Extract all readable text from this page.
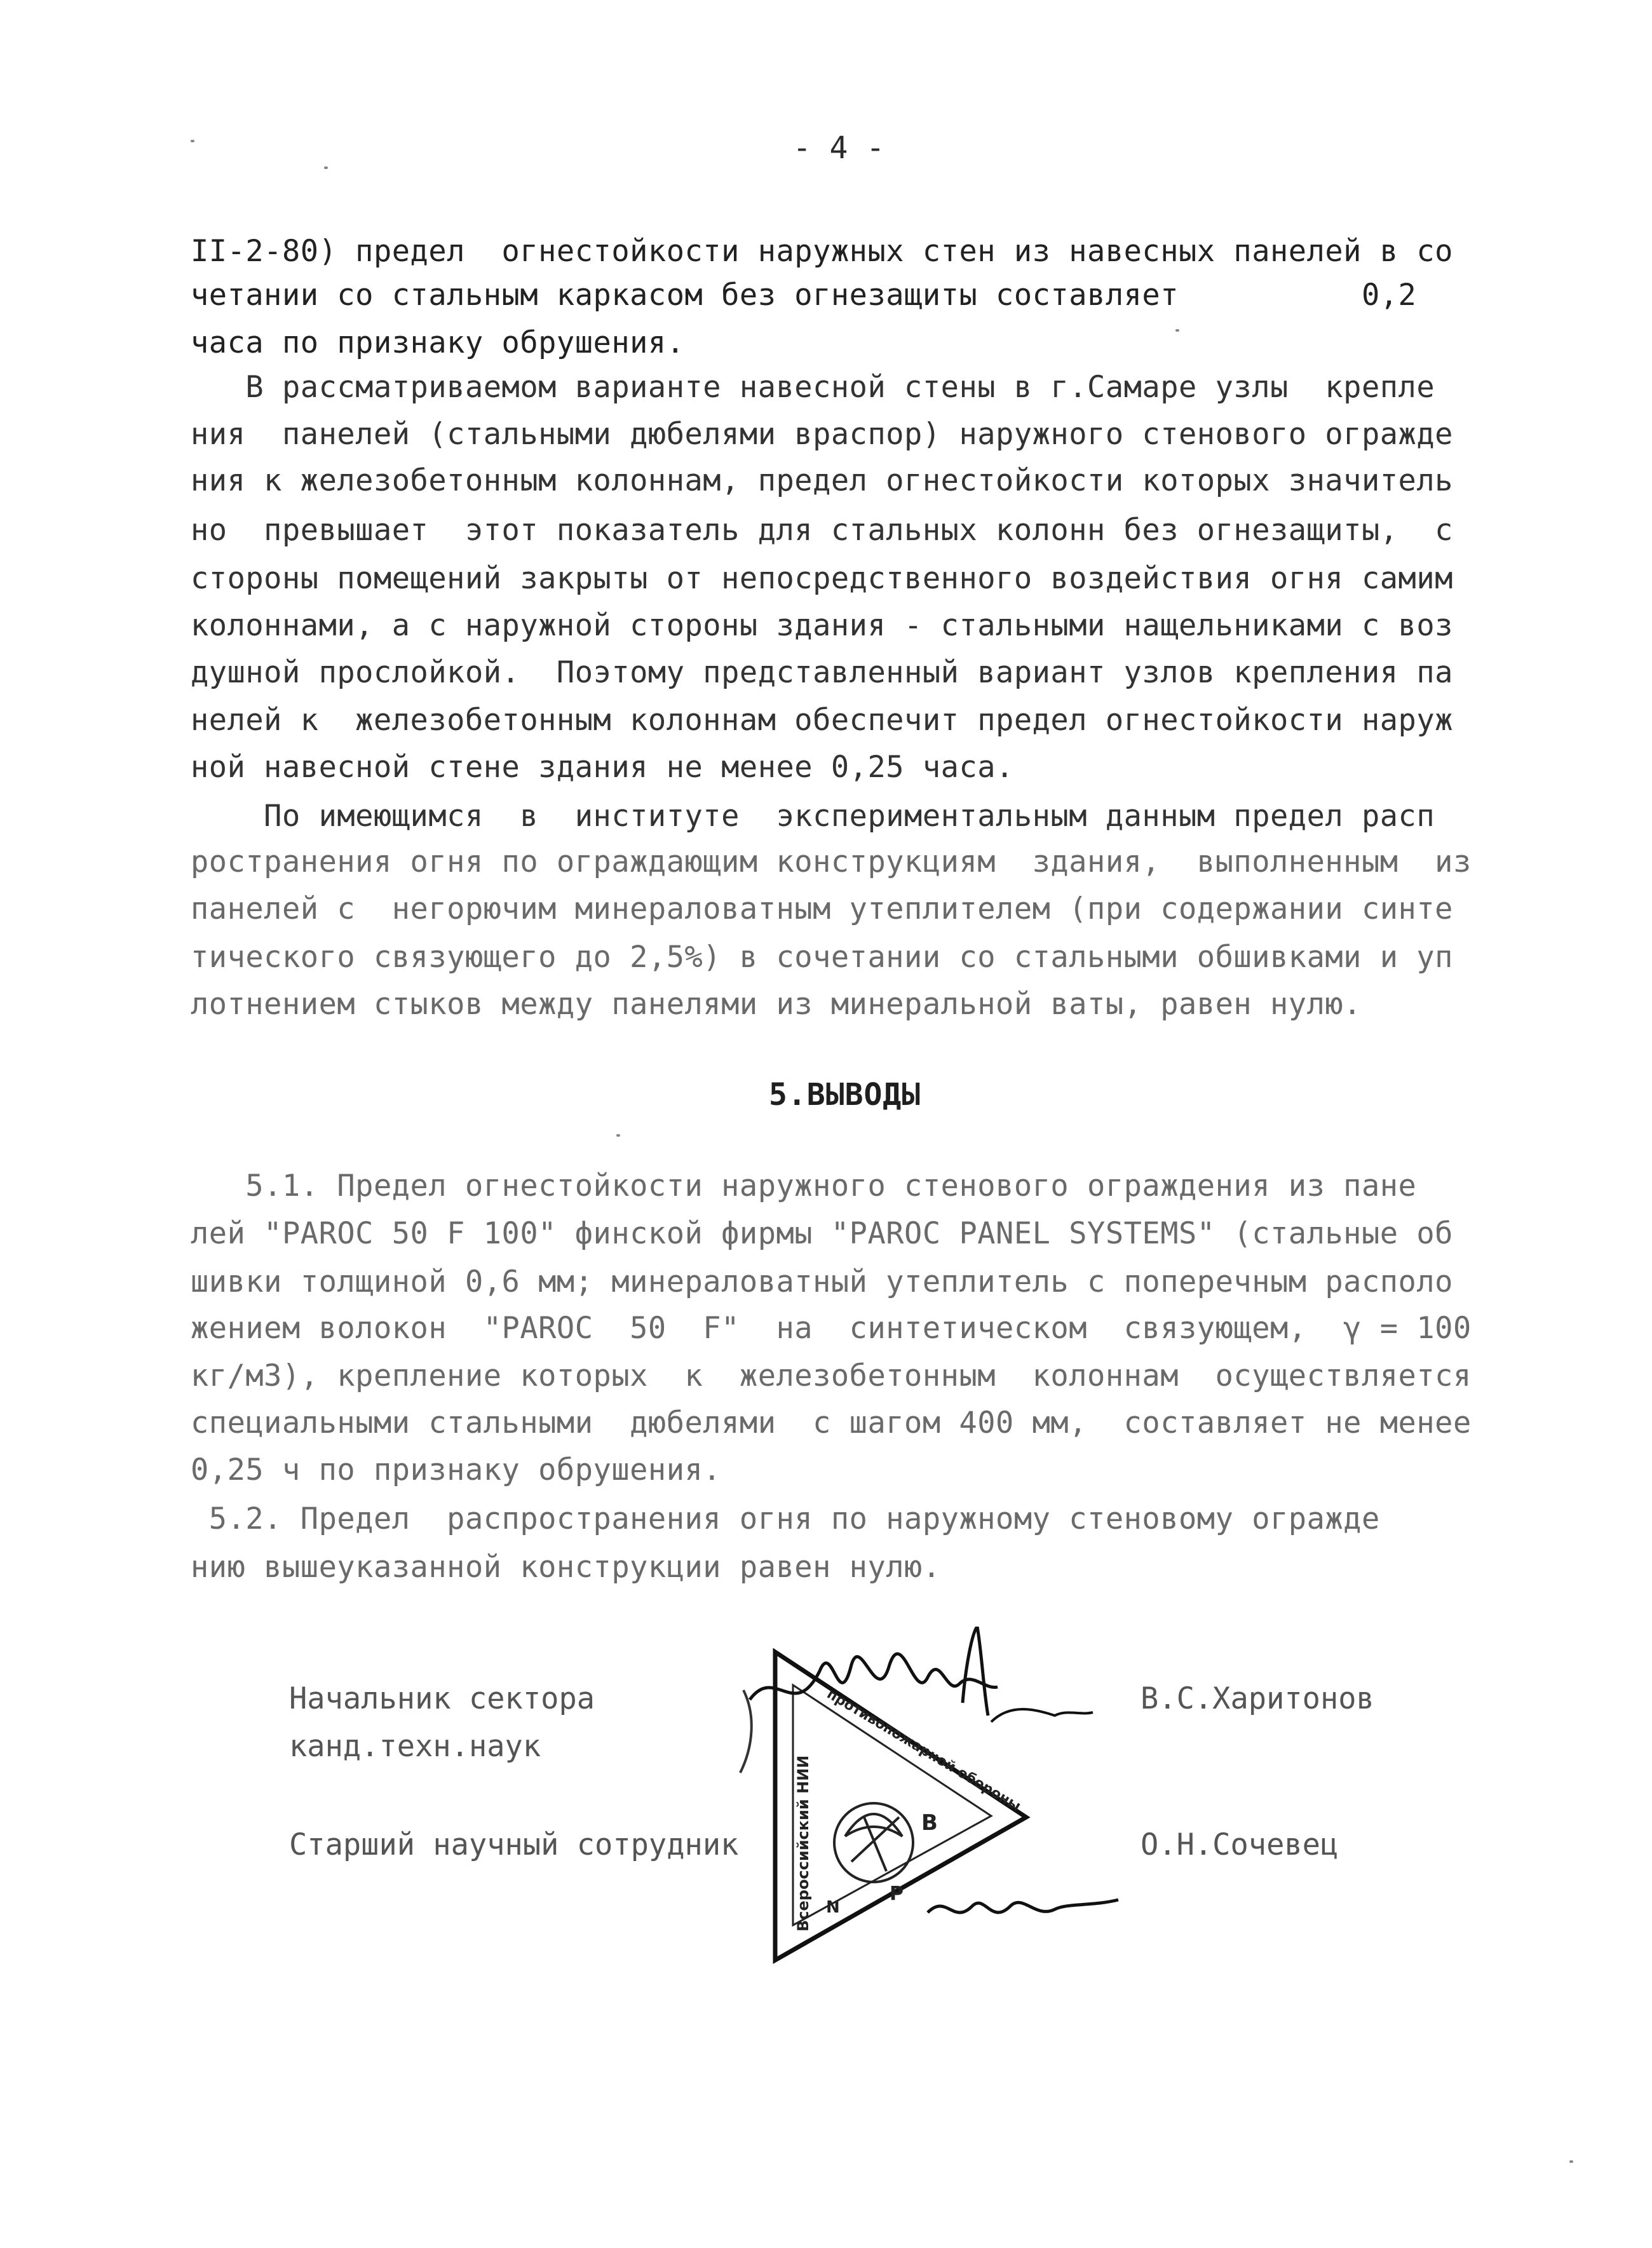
- 4 -
II-2-80) предел  огнестойкости наружных стен из навесных панелей в со
четании со стальным каркасом без огнезащиты составляет          0,2
часа по признаку обрушения.
В рассматриваемом варианте навесной стены в г.Самаре узлы  крепле
ния  панелей (стальными дюбелями враспор) наружного стенового огражде
ния к железобетонным колоннам, предел огнестойкости которых значитель
но  превышает  этот показатель для стальных колонн без огнезащиты,  с
стороны помещений закрыты от непосредственного воздействия огня самим
колоннами, а с наружной стороны здания - стальными нащельниками с воз
душной прослойкой.  Поэтому представленный вариант узлов крепления па
нелей к  железобетонным колоннам обеспечит предел огнестойкости наруж
ной навесной стене здания не менее 0,25 часа.
По имеющимся  в  институте  экспериментальным данным предел расп
ространения огня по ограждающим конструкциям  здания,  выполненным  из
панелей с  негорючим минераловатным утеплителем (при содержании синте
тического связующего до 2,5%) в сочетании со стальными обшивками и уп
лотнением стыков между панелями из минеральной ваты, равен нулю.
5.ВЫВОДЫ
5.1. Предел огнестойкости наружного стенового ограждения из пане
лей "PAROC 50 F 100" финской фирмы "PAROC PANEL SYSTEMS" (стальные об
шивки толщиной 0,6 мм; минераловатный утеплитель с поперечным располо
жением волокон  "PAROC  50  F"  на  синтетическом  связующем,  γ = 100
кг/м3), крепление которых  к  железобетонным  колоннам  осуществляется
специальными стальными  дюбелями  с шагом 400 мм,  составляет не менее
0,25 ч по признаку обрушения.
5.2. Предел  распространения огня по наружному стеновому огражде
нию вышеуказанной конструкции равен нулю.
Начальник сектора
канд.техн.наук
В.С.Харитонов
Старший научный сотрудник	О.Н.Сочевец
В
Р
N
Всероссийский НИИ
противопожарной обороны
